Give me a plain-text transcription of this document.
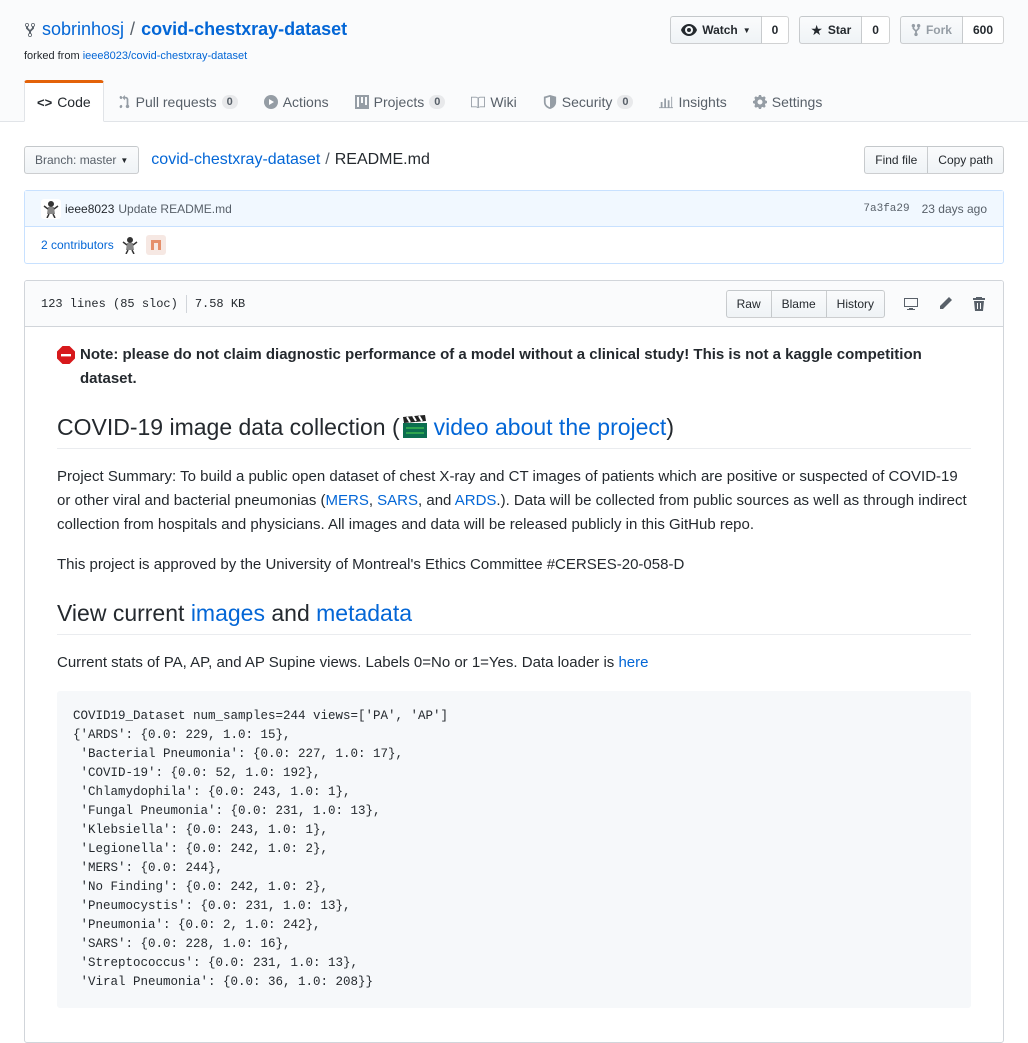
sobrinhosj / covid-chestxray-dataset
forked from ieee8023/covid-chestxray-dataset
Watch ▼	0	★ Star	0	Fork	600
<> Code	Pull requests 0	Actions	Projects 0	Wiki	Security 0	Insights	Settings
Branch: master ▼ covid-chestxray-dataset / README.md	Find file	Copy path
ieee8023 Update README.md	7a3fa29 23 days ago
2 contributors
123 lines (85 sloc) 7.58 KB	Raw	Blame	History

Note: please do not claim diagnostic performance of a model without a clinical study! This is not a kaggle competition dataset.

COVID-19 image data collection ( video about the project )

Project Summary: To build a public open dataset of chest X-ray and CT images of patients which are positive or suspected of COVID-19 or other viral and bacterial pneumonias (MERS, SARS, and ARDS.). Data will be collected from public sources as well as through indirect collection from hospitals and physicians. All images and data will be released publicly in this GitHub repo.

This project is approved by the University of Montreal's Ethics Committee #CERSES-20-058-D

View current images and metadata

Current stats of PA, AP, and AP Supine views. Labels 0=No or 1=Yes. Data loader is here

COVID19_Dataset num_samples=244 views=['PA', 'AP']
{'ARDS': {0.0: 229, 1.0: 15},
'Bacterial Pneumonia': {0.0: 227, 1.0: 17},
'COVID-19': {0.0: 52, 1.0: 192},
'Chlamydophila': {0.0: 243, 1.0: 1},
'Fungal Pneumonia': {0.0: 231, 1.0: 13},
'Klebsiella': {0.0: 243, 1.0: 1},
'Legionella': {0.0: 242, 1.0: 2},
'MERS': {0.0: 244},
'No Finding': {0.0: 242, 1.0: 2},
'Pneumocystis': {0.0: 231, 1.0: 13},
'Pneumonia': {0.0: 2, 1.0: 242},
'SARS': {0.0: 228, 1.0: 16},
'Streptococcus': {0.0: 231, 1.0: 13},
'Viral Pneumonia': {0.0: 36, 1.0: 208}}
